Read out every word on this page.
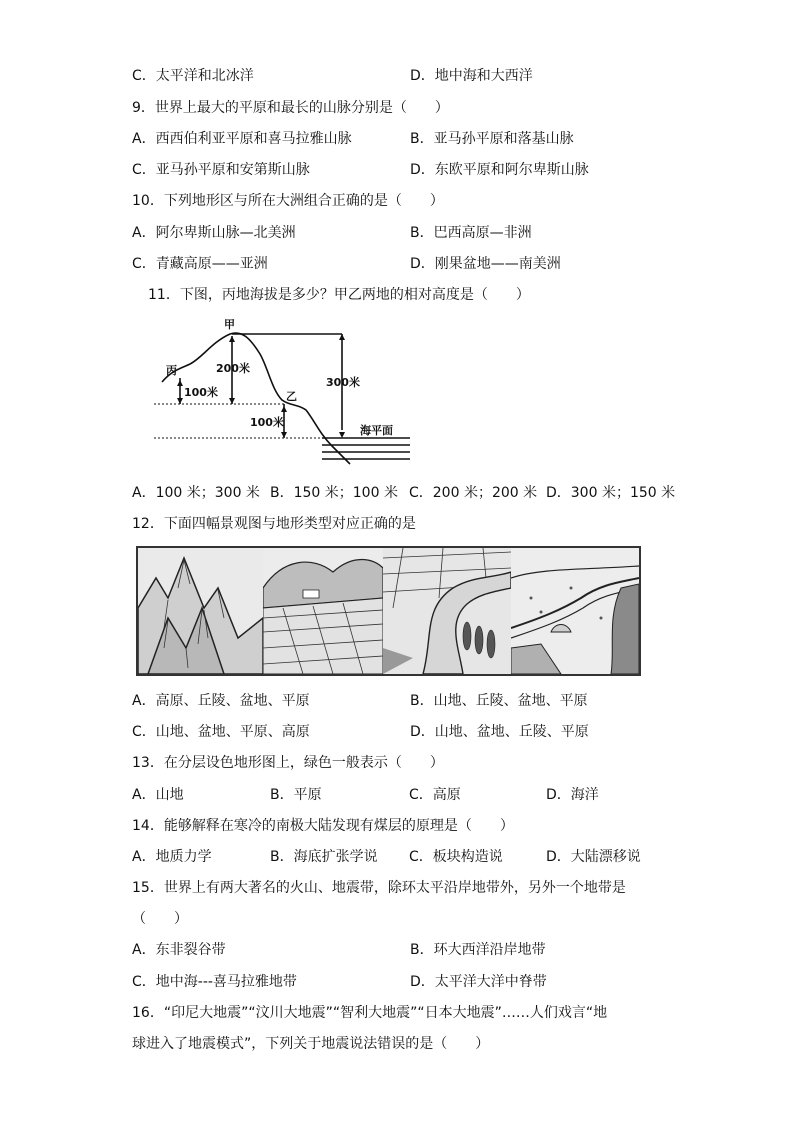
C．太平洋和北冰洋	D．地中海和大西洋
9．世界上最大的平原和最长的山脉分别是（　　）
A．西西伯利亚平原和喜马拉雅山脉	B．亚马孙平原和落基山脉
C．亚马孙平原和安第斯山脉	D．东欧平原和阿尔卑斯山脉
10．下列地形区与所在大洲组合正确的是（　　）
A．阿尔卑斯山脉—北美洲	B．巴西高原—非洲
C．青藏高原——亚洲	D．刚果盆地——南美洲
11．下图，丙地海拔是多少？甲乙两地的相对高度是（　　）
甲
乙
丙	200米
300米
100米
100米
海平面
A．100 米；300 米 B．150 米；100 米 C．200 米；200 米 D．300 米；150 米
12．下面四幅景观图与地形类型对应正确的是
A．高原、丘陵、盆地、平原	B．山地、丘陵、盆地、平原
C．山地、盆地、平原、高原	D．山地、盆地、丘陵、平原
13．在分层设色地形图上，绿色一般表示（　　）
A．山地	B．平原	C．高原	D．海洋
14．能够解释在寒冷的南极大陆发现有煤层的原理是（　　）
A．地质力学	B．海底扩张学说 C．板块构造说	D．大陆漂移说
15．世界上有两大著名的火山、地震带，除环太平沿岸地带外，另外一个地带是
（　　）
A．东非裂谷带	B．环大西洋沿岸地带
C．地中海---喜马拉雅地带	D．太平洋大洋中脊带
16．“印尼大地震”“汶川大地震”“智利大地震”“日本大地震”……人们戏言“地
球进入了地震模式”，下列关于地震说法错误的是（　　）
